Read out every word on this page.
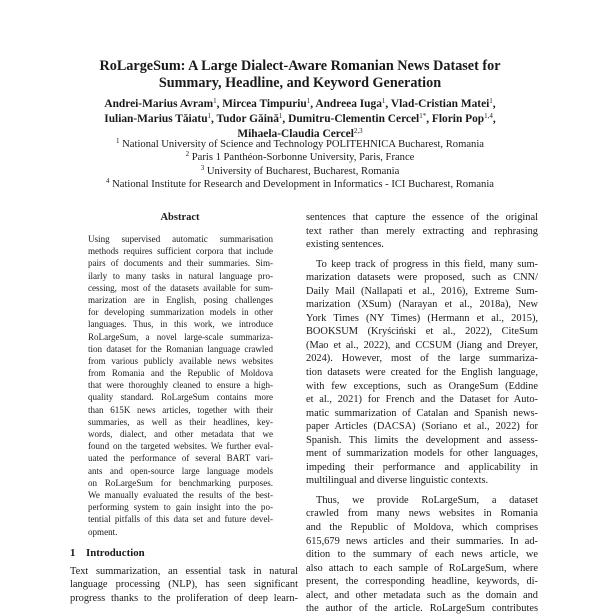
RoLargeSum: A Large Dialect-Aware Romanian News Dataset for
Summary, Headline, and Keyword Generation
Andrei-Marius Avram$^1$, Mircea Timpuriu$^1$, Andreea Iuga$^1$, Vlad-Cristian Matei$^1$,
Iulian-Marius Tăiatu$^1$, Tudor Găină$^1$, Dumitru-Clementin Cercel$^{1*}$, Florin Pop$^{1,4}$,
Mihaela-Claudia Cercel$^{2,3}$
$^1$ National University of Science and Technology POLITEHNICA Bucharest, Romania
$^2$ Paris 1 Panthéon-Sorbonne University, Paris, France
$^3$ University of Bucharest, Bucharest, Romania
$^4$ National Institute for Research and Development in Informatics - ICI Bucharest, Romania
Abstract
Using supervised automatic summarisation
methods requires sufficient corpora that include
pairs of documents and their summaries. Sim-
ilarly to many tasks in natural language pro-
cessing, most of the datasets available for sum-
marization are in English, posing challenges
for developing summarization models in other
languages. Thus, in this work, we introduce
RoLargeSum, a novel large-scale summariza-
tion dataset for the Romanian language crawled
from various publicly available news websites
from Romania and the Republic of Moldova
that were thoroughly cleaned to ensure a high-
quality standard. RoLargeSum contains more
than 615K news articles, together with their
summaries, as well as their headlines, key-
words, dialect, and other metadata that we
found on the targeted websites. We further eval-
uated the performance of several BART vari-
ants and open-source large language models
on RoLargeSum for benchmarking purposes.
We manually evaluated the results of the best-
performing system to gain insight into the po-
tential pitfalls of this data set and future devel-
opment.
1 Introduction
Text summarization, an essential task in natural
language processing (NLP), has seen significant
progress thanks to the proliferation of deep learn-
sentences that capture the essence of the original
text rather than merely extracting and rephrasing
existing sentences.
To keep track of progress in this field, many sum-
marization datasets were proposed, such as CNN/
Daily Mail (Nallapati et al., 2016), Extreme Sum-
marization (XSum) (Narayan et al., 2018a), New
York Times (NY Times) (Hermann et al., 2015),
BOOKSUM (Kryściński et al., 2022), CiteSum
(Mao et al., 2022), and CCSUM (Jiang and Dreyer,
2024). However, most of the large summariza-
tion datasets were created for the English language,
with few exceptions, such as OrangeSum (Eddine
et al., 2021) for French and the Dataset for Auto-
matic summarization of Catalan and Spanish news-
paper Articles (DACSA) (Soriano et al., 2022) for
Spanish. This limits the development and assess-
ment of summarization models for other languages,
impeding their performance and applicability in
multilingual and diverse linguistic contexts.
Thus, we provide RoLargeSum, a dataset
crawled from many news websites in Romania
and the Republic of Moldova, which comprises
615,679 news articles and their summaries. In ad-
dition to the summary of each news article, we
also attach to each sample of RoLargeSum, where
present, the corresponding headline, keywords, di-
alect, and other metadata such as the domain and
the author of the article. RoLargeSum contributes
